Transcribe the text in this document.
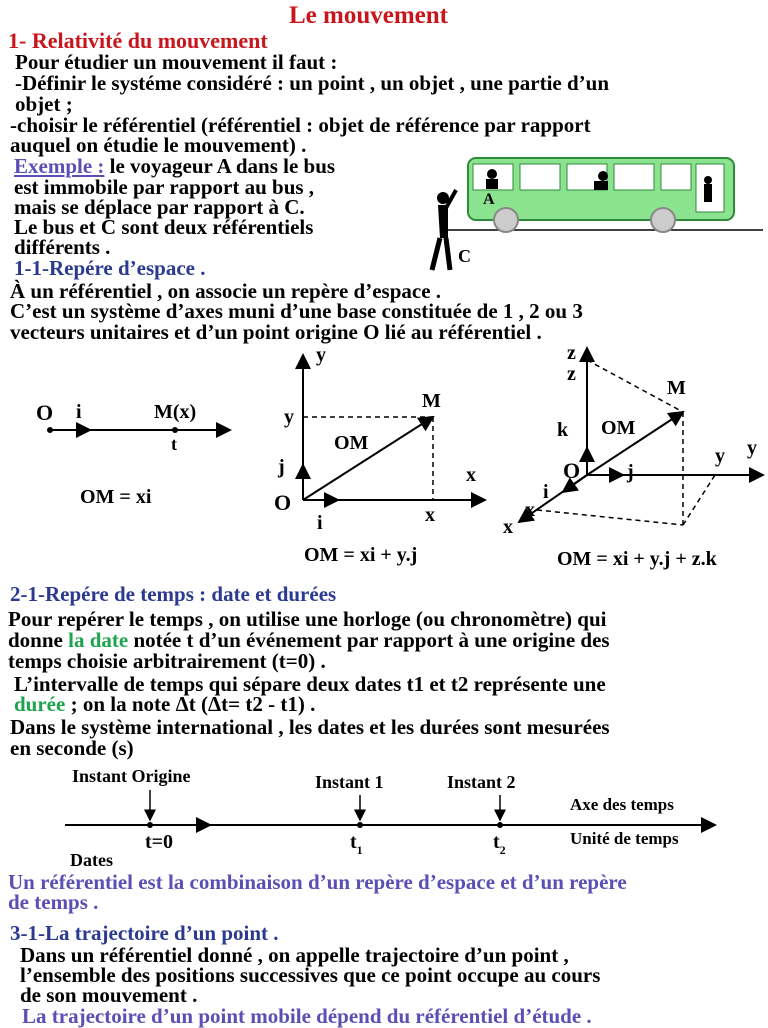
Le mouvement
1- Relativité du mouvement
Pour étudier un mouvement il faut :
-Définir le systéme considéré : un point , un objet , une partie d’un
objet ;
-choisir le référentiel (référentiel : objet de référence par rapport
auquel on étudie le mouvement) .
Exemple : le voyageur A dans le bus
est immobile par rapport au bus ,
mais se déplace par rapport à C.
Le bus et C sont deux référentiels
différents .
A
C
1-1-Repére d’espace .
À un référentiel , on associe un repère d’espace .
C’est un système d’axes muni d’une base constituée de 1 , 2 ou 3
vecteurs unitaires et d’un point origine O lié au référentiel .
O i	M(x)
t
OM = xi
y
M
y
OM
j	x
O	x
i
OM = xi + y.j
z
z
M
k OM
O j
y y
i
x
x
OM = xi + y.j + z.k
2-1-Repére de temps : date et durées
Pour repérer le temps , on utilise une horloge (ou chronomètre) qui
donne la date notée t d’un événement par rapport à une origine des
temps choisie arbitrairement (t=0) .
L’intervalle de temps qui sépare deux dates t1 et t2 représente une
durée ; on la note Δt (Δt= t2 - t1) .
Dans le système international , les dates et les durées sont mesurées
en seconde (s)
Instant Origine	Instant 1	Instant 2
Axe des temps
Unité de temps
t=0	$t_1$	$t_2$
Dates
Un référentiel est la combinaison d’un repère d’espace et d’un repère
de temps .
3-1-La trajectoire d’un point .
Dans un référentiel donné , on appelle trajectoire d’un point ,
l’ensemble des positions successives que ce point occupe au cours
de son mouvement .
La trajectoire d’un point mobile dépend du référentiel d’étude .
